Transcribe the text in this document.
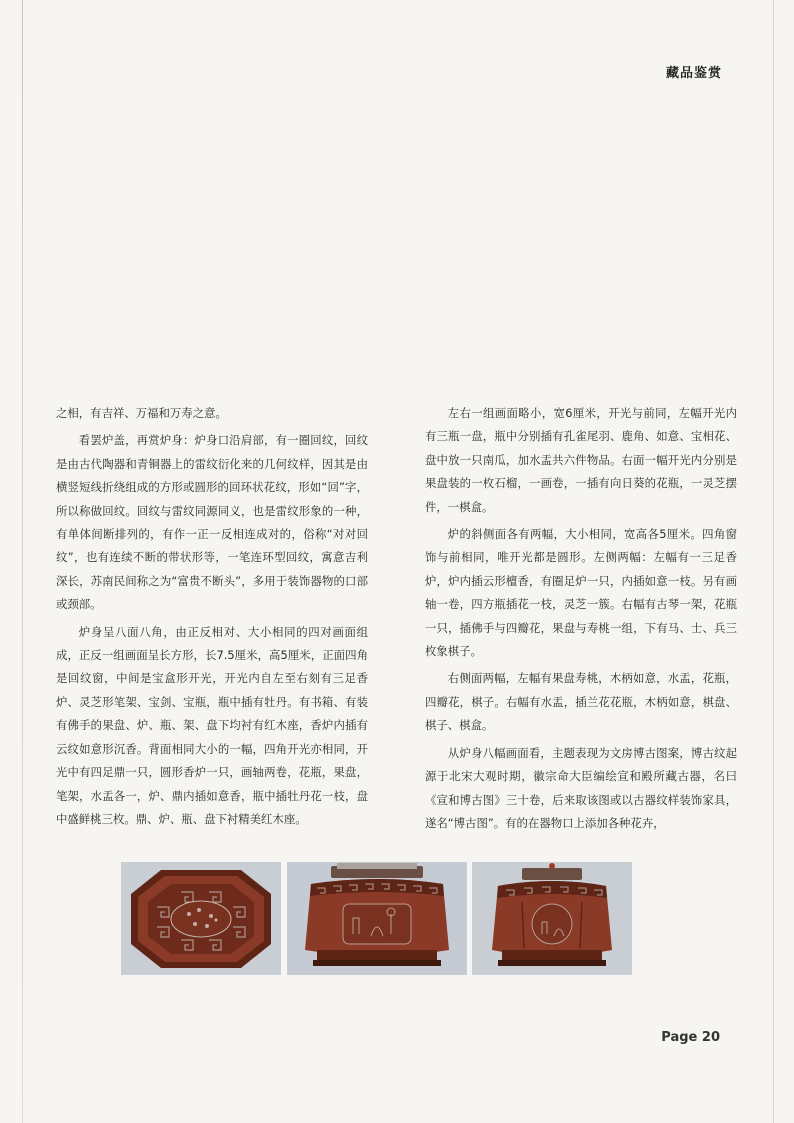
藏品鉴赏

之相，有吉祥、万福和万寿之意。

看罢炉盖，再赏炉身：炉身口沿肩部，有一圈回纹，回纹是由古代陶器和青铜器上的雷纹衍化来的几何纹样，因其是由横竖短线折绕组成的方形或圆形的回环状花纹，形如“回”字，所以称做回纹。回纹与雷纹同源同义，也是雷纹形象的一种，有单体间断排列的，有作一正一反相连成对的，俗称“对对回纹”，也有连续不断的带状形等，一笔连环型回纹，寓意吉利深长，苏南民间称之为“富贵不断头”，多用于装饰器物的口部或颈部。

炉身呈八面八角，由正反相对、大小相同的四对画面组成，正反一组画面呈长方形，长7.5厘米，高5厘米，正面四角是回纹窗，中间是宝盒形开光，开光内自左至右刻有三足香炉、灵芝形笔架、宝剑、宝瓶，瓶中插有牡丹。有书箱、有装有佛手的果盘、炉、瓶、架、盘下均衬有红木座，香炉内插有云纹如意形沉香。背面相同大小的一幅，四角开光亦相同，开光中有四足鼎一只，圆形香炉一只，画轴两卷，花瓶，果盘，笔架，水盂各一，炉、鼎内插如意香，瓶中插牡丹花一枝，盘中盛鲜桃三枚。鼎、炉、瓶、盘下衬精美红木座。

左右一组画面略小，宽6厘米，开光与前同，左幅开光内有三瓶一盘，瓶中分别插有孔雀尾羽、鹿角、如意、宝相花、盘中放一只南瓜，加水盂共六件物品。右面一幅开光内分别是果盘装的一枚石榴，一画卷，一插有向日葵的花瓶，一灵芝摆件，一棋盒。

炉的斜侧面各有两幅，大小相同，宽高各5厘米。四角窗饰与前相同，唯开光都是圆形。左侧两幅：左幅有一三足香炉，炉内插云形檀香，有圈足炉一只，内插如意一枝。另有画轴一卷，四方瓶插花一枝，灵芝一簇。右幅有古琴一架，花瓶一只，插佛手与四瓣花，果盘与寿桃一组，下有马、士、兵三枚象棋子。

右侧面两幅，左幅有果盘寿桃，木柄如意，水盂，花瓶，四瓣花，棋子。右幅有水盂，插兰花花瓶，木柄如意，棋盘、棋子、棋盒。

从炉身八幅画面看，主题表现为文房博古图案，博古纹起源于北宋大观时期，徽宗命大臣编绘宣和殿所藏古器，名曰《宣和博古图》三十卷，后来取该图或以古器纹样装饰家具，遂名“博古图”。有的在器物口上添加各种花卉，

Page 20
